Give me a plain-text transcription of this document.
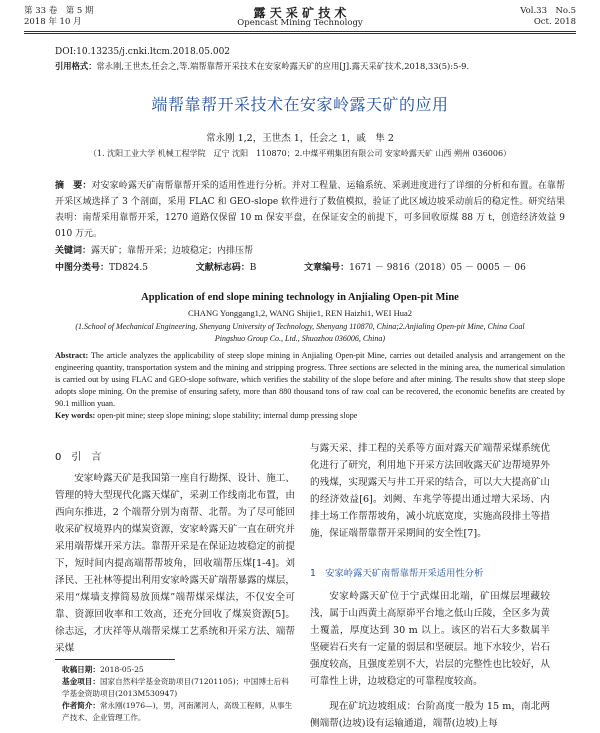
第 33 卷　第 5 期
2018 年 10 月
露 天 采 矿 技 术
Opencast Mining Technology
Vol.33　No.5
Oct. 2018
DOI:10.13235/j.cnki.ltcm.2018.05.002
引用格式：常永刚,王世杰,任会之,等.端帮靠帮开采技术在安家岭露天矿的应用[J].露天采矿技术,2018,33(5):5-9.
端帮靠帮开采技术在安家岭露天矿的应用
常永刚 1,2，王世杰 1，任会之 1，戚　隼 2
（1. 沈阳工业大学 机械工程学院　辽宁 沈阳　110870；2.中煤平朔集团有限公司 安家岭露天矿 山西 朔州 036006）
摘　要：对安家岭露天矿南帮靠帮开采的适用性进行分析。并对工程量、运输系统、采剥进度进行了详细的分析和布置。在靠帮开采区域选择了 3 个剖面，采用 FLAC 和 GEO-slope 软件进行了数值模拟，验证了此区域边坡采动前后的稳定性。研究结果表明：南帮采用靠帮开采，1270 道路仅保留 10 m 保安平盘，在保证安全的前提下，可多回收原煤 88 万 t，创造经济效益 9 010 万元。
关键词：露天矿；靠帮开采；边坡稳定；内排压帮
中图分类号：TD824.5	文献标志码：B	文章编号：1671 － 9816（2018）05 － 0005 － 06
Application of end slope mining technology in Anjialing Open-pit Mine
CHANG Yonggang1,2, WANG Shijie1, REN Haizhi1, WEI Hua2
(1.School of Mechanical Engineering, Shenyang University of Technology, Shenyang 110870, China;2.Anjialing Open-pit Mine, China Coal Pingshuo Group Co., Ltd., Shuozhou 036006, China)
Abstract: The article analyzes the applicability of steep slope mining in Anjialing Open-pit Mine, carries out detailed analysis and arrangement on the engineering quantity, transportation system and the mining and stripping progress. Three sections are selected in the mining area, the numerical simulation is carried out by using FLAC and GEO-slope software, which verifies the stability of the slope before and after mining. The results show that steep slope adopts slope mining. On the premise of ensuring safety, more than 880 thousand tons of raw coal can be recovered, the economic benefits are created by 90.1 million yuan.
Key words: open-pit mine; steep slope mining; slope stability; internal dump pressing slope
0　引　言
安家岭露天矿是我国第一座自行勘探、设计、施工、管理的特大型现代化露天煤矿，采剥工作线南北布置，由西向东推进，2 个端帮分别为南帮、北帮。为了尽可能回收采矿权境界内的煤炭资源，安家岭露天矿一直在研究并采用端帮煤开采方法。靠帮开采是在保证边坡稳定的前提下，短时间内提高端帮帮坡角，回收端帮压煤[1-4]。刘泽民、王社林等提出利用安家岭露天矿端帮暴露的煤层，采用“煤墙支撑简易放顶煤”端帮煤采煤法，不仅安全可靠、资源回收率和工效高，还充分回收了煤炭资源[5]。徐志远，才庆祥等从端帮采煤工艺系统和开采方法、端帮采煤
收稿日期：2018-05-25
基金项目：国家自然科学基金资助项目(71201105)；中国博士后科学基金资助项目(2013M530947)
作者简介：常永刚(1976—)，男，河南漯河人，高级工程师，从事生产技术、企业管理工作。
与露天采、排工程的关系等方面对露天矿端帮采煤系统优化进行了研究，利用地下开采方法回收露天矿边帮境界外的残煤，实现露天与井工开采的结合，可以大大提高矿山的经济效益[6]。刘阙、车兆学等提出通过增大采场、内排土场工作帮帮坡角，减小坑底宽度，实施高段排土等措施，保证端帮靠帮开采期间的安全性[7]。
1　安家岭露天矿南帮靠帮开采适用性分析
安家岭露天矿位于宁武煤田北端，矿田煤层埋藏较浅，属于山西黄土高原峁平台地之低山丘陵，全区多为黄土覆盖，厚度达到 30 m 以上。该区的岩石大多数属半坚硬岩石夹有一定量的弱层和坚硬层。地下水较少，岩石强度较高，且强度差别不大，岩层的完整性也比较好，从可靠性上讲，边坡稳定的可靠程度较高。
现在矿坑边坡组成：台阶高度一般为 15 m，南北两侧端帮(边坡)设有运输通道，端帮(边坡)上每
